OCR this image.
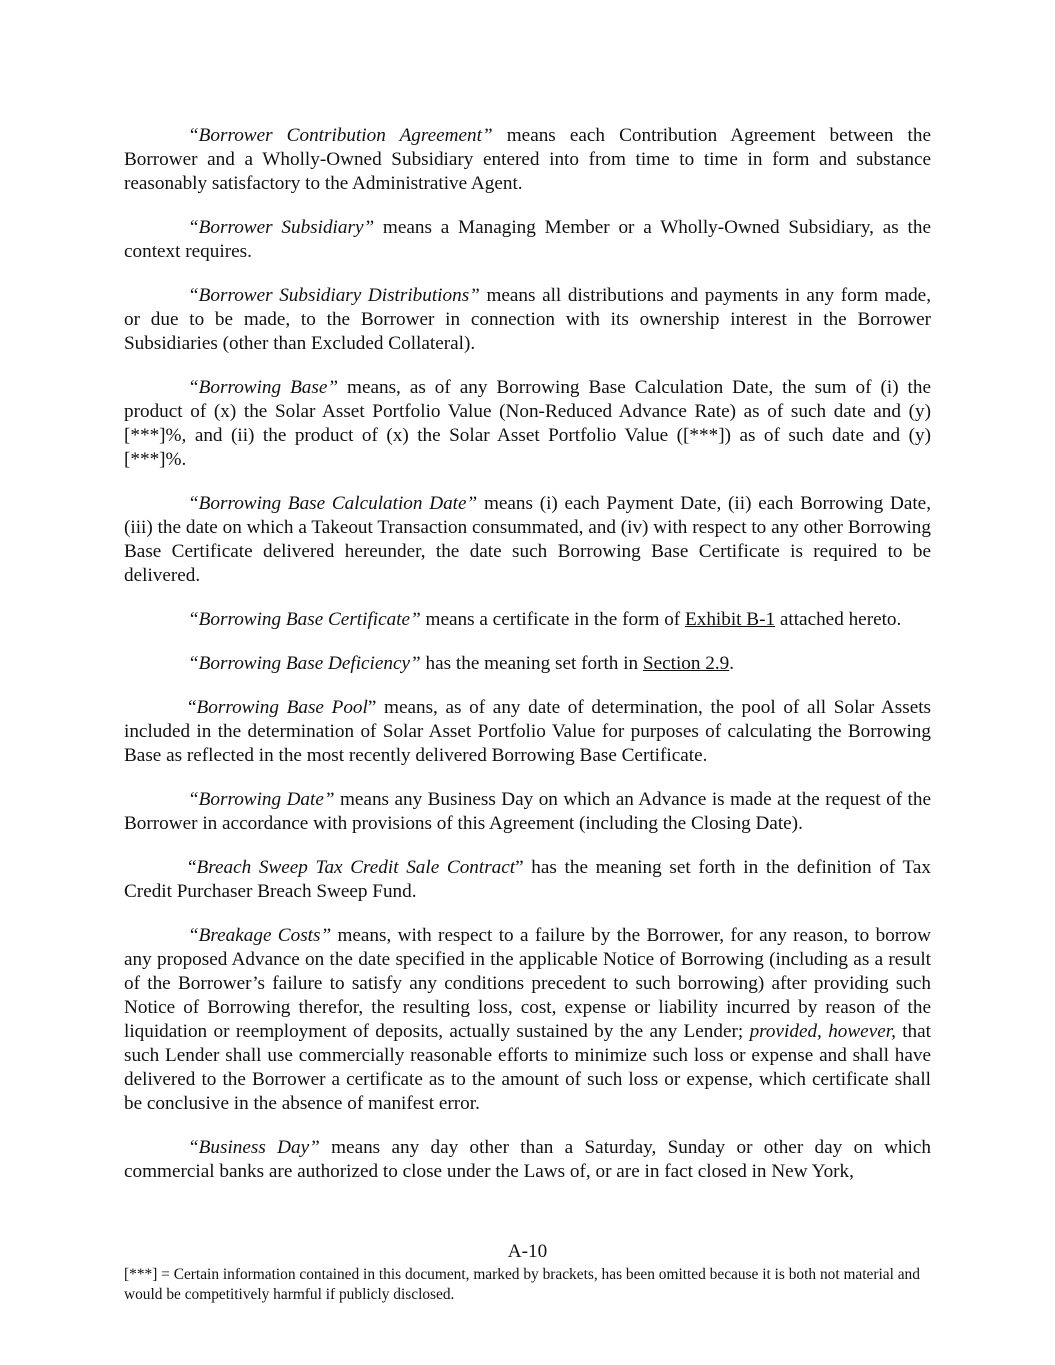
“Borrower Contribution Agreement” means each Contribution Agreement between the Borrower and a Wholly-Owned Subsidiary entered into from time to time in form and substance reasonably satisfactory to the Administrative Agent.

“Borrower Subsidiary” means a Managing Member or a Wholly-Owned Subsidiary, as the context requires.

“Borrower Subsidiary Distributions” means all distributions and payments in any form made, or due to be made, to the Borrower in connection with its ownership interest in the Borrower Subsidiaries (other than Excluded Collateral).

“Borrowing Base” means, as of any Borrowing Base Calculation Date, the sum of (i) the product of (x) the Solar Asset Portfolio Value (Non-Reduced Advance Rate) as of such date and (y) [***]%, and (ii) the product of (x) the Solar Asset Portfolio Value ([***]) as of such date and (y) [***]%.

“Borrowing Base Calculation Date” means (i) each Payment Date, (ii) each Borrowing Date, (iii) the date on which a Takeout Transaction consummated, and (iv) with respect to any other Borrowing Base Certificate delivered hereunder, the date such Borrowing Base Certificate is required to be delivered.

“Borrowing Base Certificate” means a certificate in the form of Exhibit B-1 attached hereto.

“Borrowing Base Deficiency” has the meaning set forth in Section 2.9.

“Borrowing Base Pool” means, as of any date of determination, the pool of all Solar Assets included in the determination of Solar Asset Portfolio Value for purposes of calculating the Borrowing Base as reflected in the most recently delivered Borrowing Base Certificate.

“Borrowing Date” means any Business Day on which an Advance is made at the request of the Borrower in accordance with provisions of this Agreement (including the Closing Date).

“Breach Sweep Tax Credit Sale Contract” has the meaning set forth in the definition of Tax Credit Purchaser Breach Sweep Fund.

“Breakage Costs” means, with respect to a failure by the Borrower, for any reason, to borrow any proposed Advance on the date specified in the applicable Notice of Borrowing (including as a result of the Borrower’s failure to satisfy any conditions precedent to such borrowing) after providing such Notice of Borrowing therefor, the resulting loss, cost, expense or liability incurred by reason of the liquidation or reemployment of deposits, actually sustained by the any Lender; provided, however, that such Lender shall use commercially reasonable efforts to minimize such loss or expense and shall have delivered to the Borrower a certificate as to the amount of such loss or expense, which certificate shall be conclusive in the absence of manifest error.

“Business Day” means any day other than a Saturday, Sunday or other day on which commercial banks are authorized to close under the Laws of, or are in fact closed in New York,

A-10
[***] = Certain information contained in this document, marked by brackets, has been omitted because it is both not material and would be competitively harmful if publicly disclosed.
